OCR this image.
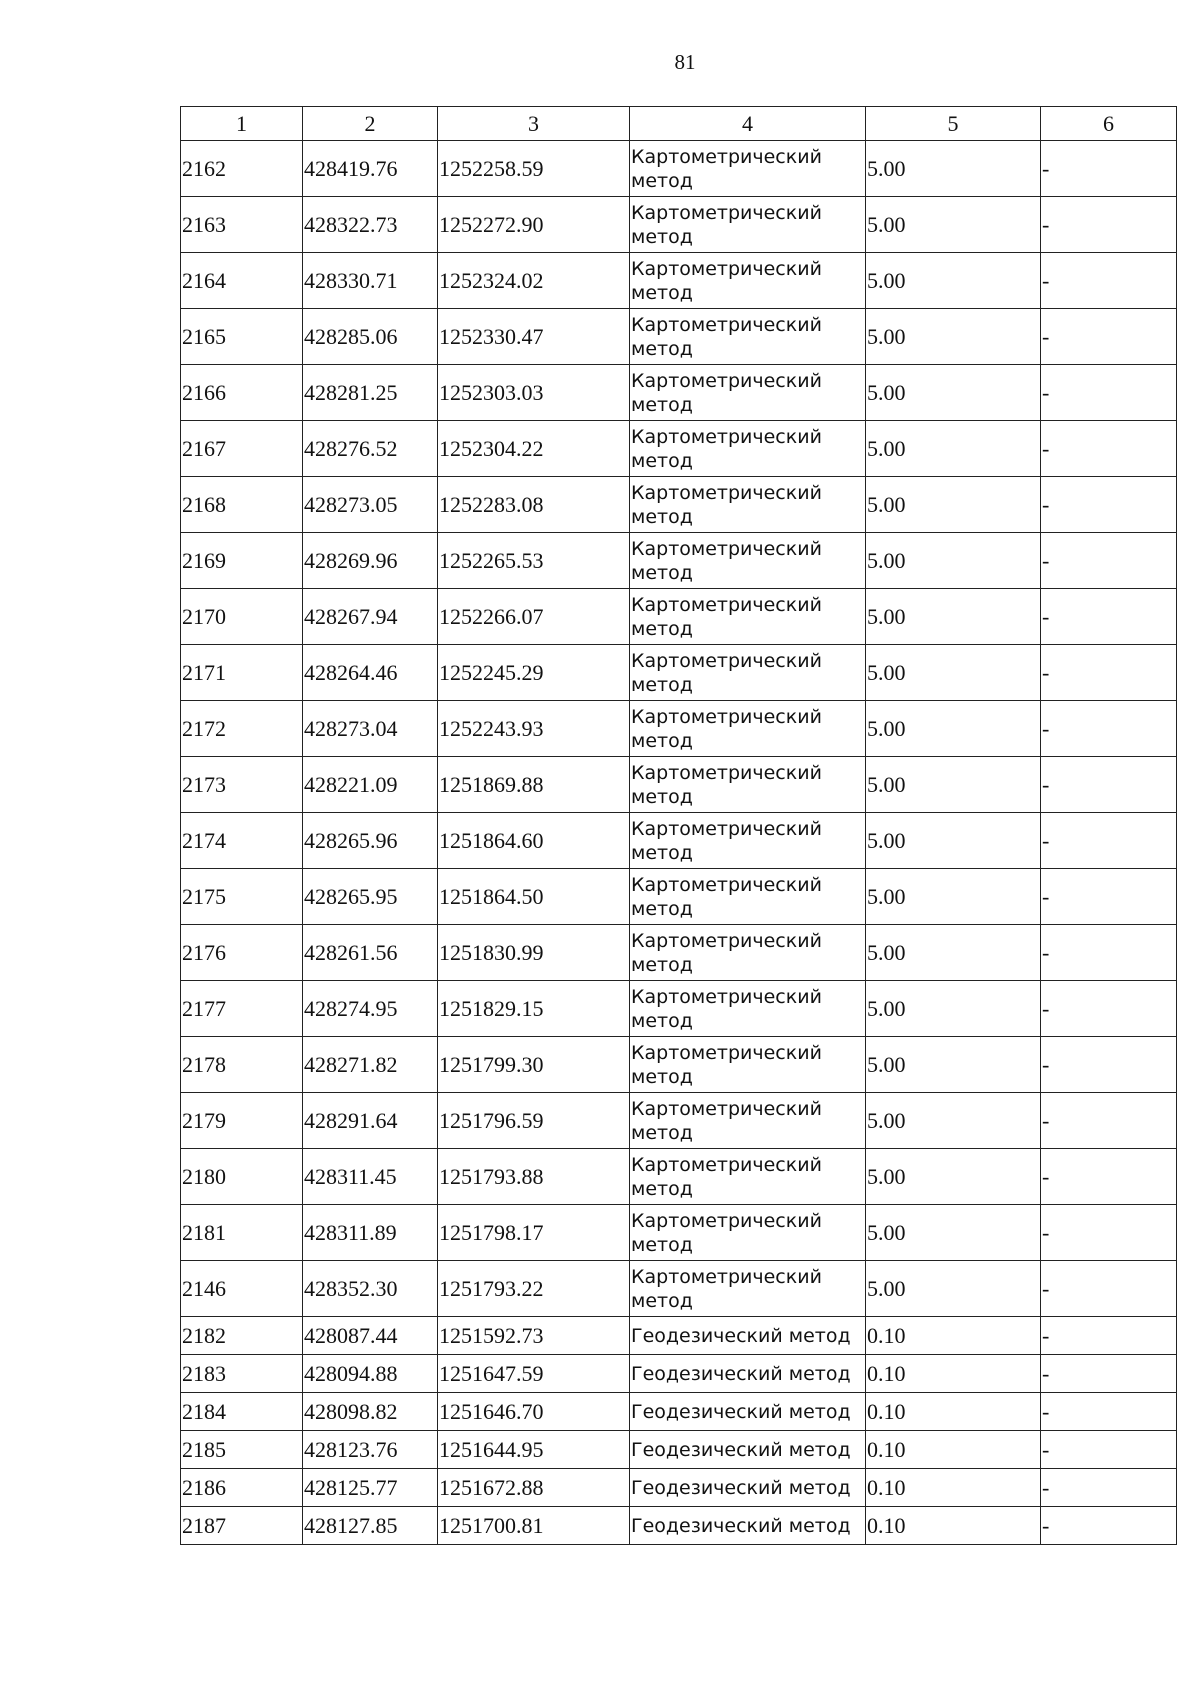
81
1	2	3	4	5	6
2162	428419.76	1252258.59	Картометрический метод	5.00	-
2163	428322.73	1252272.90	Картометрический метод	5.00	-
2164	428330.71	1252324.02	Картометрический метод	5.00	-
2165	428285.06	1252330.47	Картометрический метод	5.00	-
2166	428281.25	1252303.03	Картометрический метод	5.00	-
2167	428276.52	1252304.22	Картометрический метод	5.00	-
2168	428273.05	1252283.08	Картометрический метод	5.00	-
2169	428269.96	1252265.53	Картометрический метод	5.00	-
2170	428267.94	1252266.07	Картометрический метод	5.00	-
2171	428264.46	1252245.29	Картометрический метод	5.00	-
2172	428273.04	1252243.93	Картометрический метод	5.00	-
2173	428221.09	1251869.88	Картометрический метод	5.00	-
2174	428265.96	1251864.60	Картометрический метод	5.00	-
2175	428265.95	1251864.50	Картометрический метод	5.00	-
2176	428261.56	1251830.99	Картометрический метод	5.00	-
2177	428274.95	1251829.15	Картометрический метод	5.00	-
2178	428271.82	1251799.30	Картометрический метод	5.00	-
2179	428291.64	1251796.59	Картометрический метод	5.00	-
2180	428311.45	1251793.88	Картометрический метод	5.00	-
2181	428311.89	1251798.17	Картометрический метод	5.00	-
2146	428352.30	1251793.22	Картометрический метод	5.00	-
2182	428087.44	1251592.73	Геодезический метод	0.10	-
2183	428094.88	1251647.59	Геодезический метод	0.10	-
2184	428098.82	1251646.70	Геодезический метод	0.10	-
2185	428123.76	1251644.95	Геодезический метод	0.10	-
2186	428125.77	1251672.88	Геодезический метод	0.10	-
2187	428127.85	1251700.81	Геодезический метод	0.10	-
